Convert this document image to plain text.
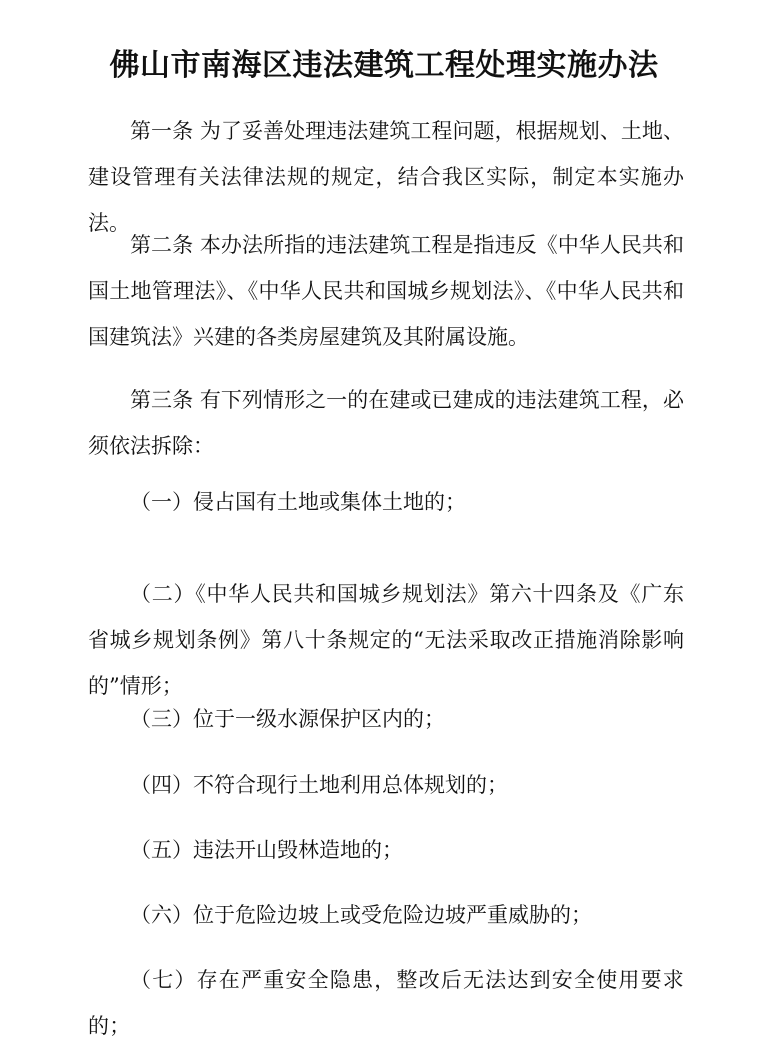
佛山市南海区违法建筑工程处理实施办法

第一条 为了妥善处理违法建筑工程问题，根据规划、土地、建设管理有关法律法规的规定，结合我区实际，制定本实施办法。

第二条 本办法所指的违法建筑工程是指违反《中华人民共和国土地管理法》、《中华人民共和国城乡规划法》、《中华人民共和国建筑法》兴建的各类房屋建筑及其附属设施。

第三条 有下列情形之一的在建或已建成的违法建筑工程，必须依法拆除：

（一）侵占国有土地或集体土地的；

（二）《中华人民共和国城乡规划法》第六十四条及《广东省城乡规划条例》第八十条规定的“无法采取改正措施消除影响的”情形；

（三）位于一级水源保护区内的；

（四）不符合现行土地利用总体规划的；

（五）违法开山毁林造地的；

（六）位于危险边坡上或受危险边坡严重威胁的；

（七）存在严重安全隐患，整改后无法达到安全使用要求的；
